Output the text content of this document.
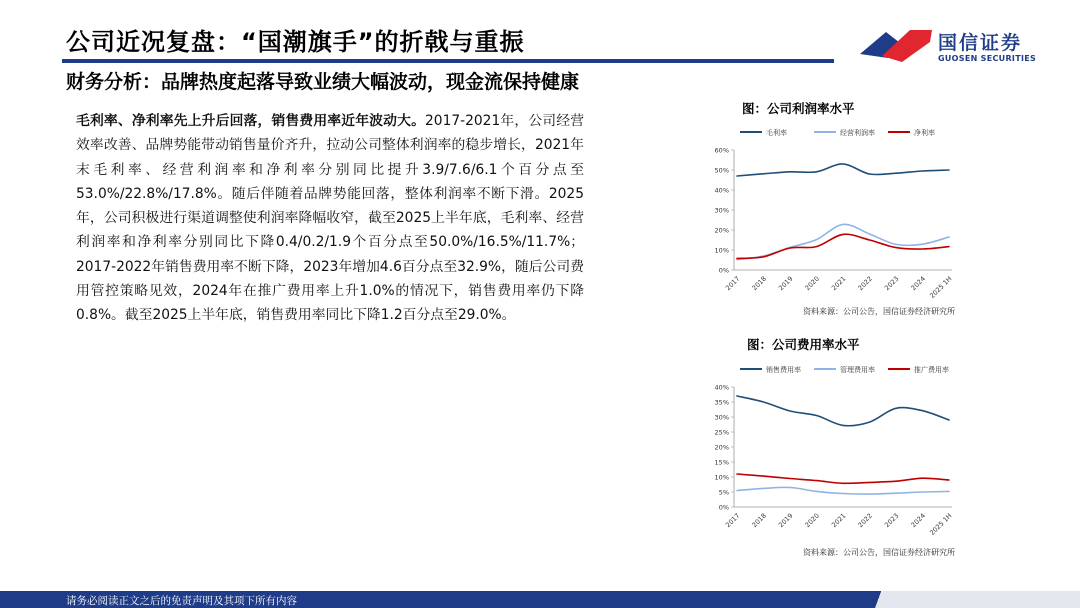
公司近况复盘：“国潮旗手”的折戟与重振
财务分析：品牌热度起落导致业绩大幅波动，现金流保持健康
国信证券
GUOSEN SECURITIES
毛利率、净利率先上升后回落，销售费用率近年波动大。2017-2021年，公司经营效率改善、品牌势能带动销售量价齐升，拉动公司整体利润率的稳步增长，2021年末毛利率、经营利润率和净利率分别同比提升3.9/7.6/6.1个百分点至53.0%/22.8%/17.8%。随后伴随着品牌势能回落，整体利润率不断下滑。2025年，公司积极进行渠道调整使利润率降幅收窄，截至2025上半年底，毛利率、经营利润率和净利率分别同比下降0.4/0.2/1.9个百分点至50.0%/16.5%/11.7%；2017-2022年销售费用率不断下降，2023年增加4.6百分点至32.9%，随后公司费用管控策略见效，2024年在推广费用率上升1.0%的情况下，销售费用率仍下降0.8%。截至2025上半年底，销售费用率同比下降1.2百分点至29.0%。
图：公司利润率水平
毛利率	经营利润率	净利率
0%
10%
20%
30%
40%
50%
60%
2017 2018 2019 2020 2021 2022 2023 2024 2025 1H
资料来源：公司公告，国信证券经济研究所
图：公司费用率水平
销售费用率	管理费用率	推广费用率
0%
5%
10%
15%
20%
25%
30%
35%
40%
2017 2018 2019 2020 2021 2022 2023 2024 2025 1H
资料来源：公司公告，国信证券经济研究所
请务必阅读正文之后的免责声明及其项下所有内容
